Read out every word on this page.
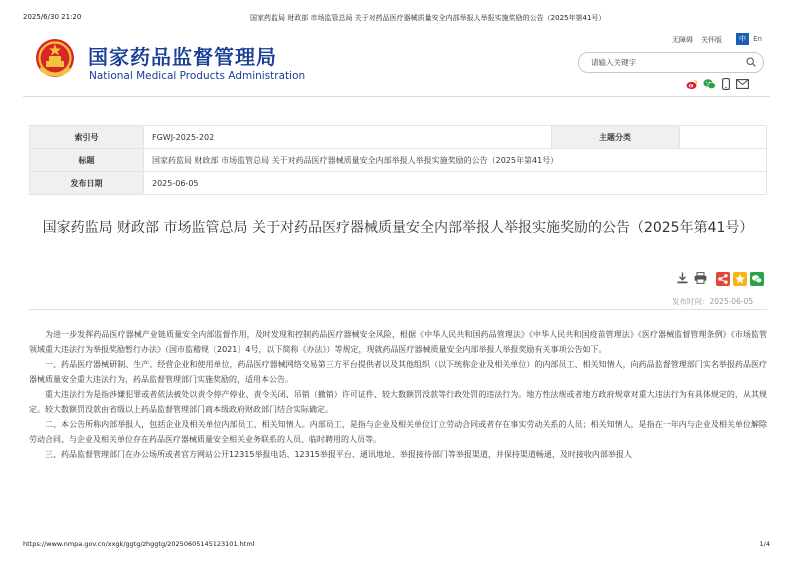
2025/6/30 21:20	国家药监局 财政部 市场监管总局 关于对药品医疗器械质量安全内部举报人举报实施奖励的公告（2025年第41号）
国家药品监督管理局
National Medical Products Administration
无障碍 关怀版	中	En
请输入关键字
索引号	FGWJ-2025-202	主题分类	
标题	国家药监局 财政部 市场监管总局 关于对药品医疗器械质量安全内部举报人举报实施奖励的公告（2025年第41号）		
发布日期	2025-06-05		
国家药监局 财政部 市场监管总局 关于对药品医疗器械质量安全内部举报人举报实施奖励的公告（2025年第41号）
发布时间：2025-06-05

为进一步发挥药品医疗器械产业链质量安全内部监督作用，及时发现和控制药品医疗器械安全风险，根据《中华人民共和国药品管理法》《中华人民共和国疫苗管理法》《医疗器械监督管理条例》《市场监管领域重大违法行为举报奖励暂行办法》（国市监稽规〔2021〕4号，以下简称《办法》）等规定，现就药品医疗器械质量安全内部举报人举报奖励有关事项公告如下。

一、药品医疗器械研制、生产、经营企业和使用单位，药品医疗器械网络交易第三方平台提供者以及其他组织（以下统称企业及相关单位）的内部员工、相关知情人，向药品监督管理部门实名举报药品医疗器械质量安全重大违法行为，药品监督管理部门实施奖励的，适用本公告。

重大违法行为是指涉嫌犯罪或者依法被处以责令停产停业、责令关闭、吊销（撤销）许可证件、较大数额罚没款等行政处罚的违法行为。地方性法规或者地方政府规章对重大违法行为有具体规定的，从其规定。较大数额罚没款由省级以上药品监督管理部门商本级政府财政部门结合实际确定。

二、本公告所称内部举报人，包括企业及相关单位内部员工、相关知情人。内部员工，是指与企业及相关单位订立劳动合同或者存在事实劳动关系的人员；相关知情人，是指在一年内与企业及相关单位解除劳动合同、与企业及相关单位存在药品医疗器械质量安全相关业务联系的人员、临时聘用的人员等。

三、药品监督管理部门在办公场所或者官方网站公开12315举报电话、12315举报平台、通讯地址、举报接待部门等举报渠道，并保持渠道畅通，及时接收内部举报人

https://www.nmpa.gov.cn/xxgk/ggtg/zhggtg/20250605145123101.html	1/4
